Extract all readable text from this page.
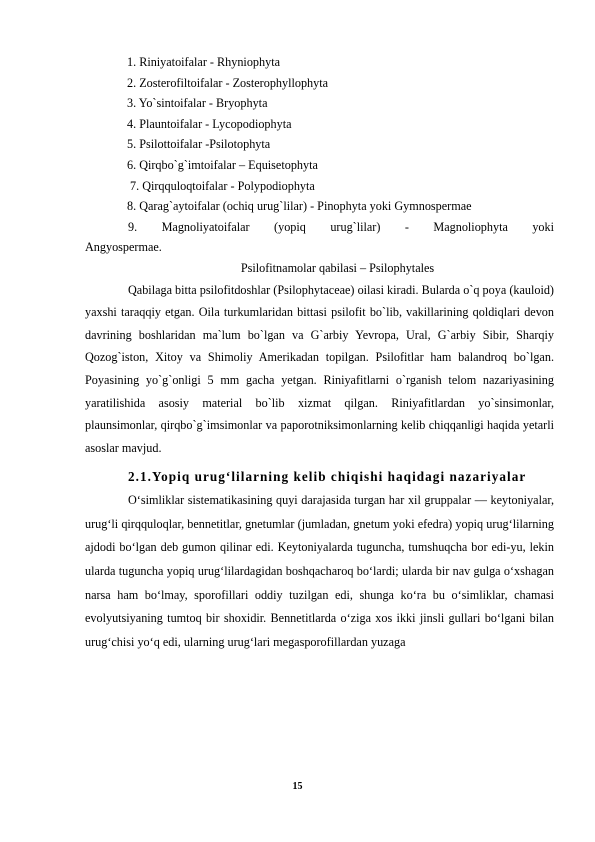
1. Riniyatoifalar - Rhyniophyta
2. Zosterofiltoifalar - Zosterophyllophyta
3. Yo`sintoifalar - Bryophyta
4. Plauntoifalar - Lycopodiophyta
5. Psilottoifalar -Psilotophyta
6. Qirqbo`g`imtoifalar – Equisetophyta
7. Qirqquloqtoifalar - Polypodiophyta
8. Qarag`aytoifalar (ochiq urug`lilar) - Pinophyta yoki Gymnospermae
9. Magnoliyatoifalar (yopiq urug`lilar) - Magnoliophyta yoki
Angyospermae.
Psilofitnamolar qabilasi – Psilophytales
Qabilaga bitta psilofitdoshlar (Psilophytaceae) oilasi kiradi. Bularda o`q poya (kauloid) yaxshi taraqqiy etgan. Oila turkumlaridan bittasi psilofit bo`lib, vakillarining qoldiqlari devon davrining boshlaridan ma`lum bo`lgan va G`arbiy Yevropa, Ural, G`arbiy Sibir, Sharqiy Qozog`iston, Xitoy va Shimoliy Amerikadan topilgan. Psilofitlar ham balandroq bo`lgan. Poyasining yo`g`onligi 5 mm gacha yetgan. Riniyafitlarni o`rganish telom nazariyasining yaratilishida asosiy material bo`lib xizmat qilgan. Riniyafitlardan yo`sinsimonlar, plaunsimonlar, qirqbo`g`imsimonlar va paporotniksimonlarning kelib chiqqanligi haqida yetarli asoslar mavjud.
2.1.Yopiq urug‘lilarning kelib chiqishi haqidagi nazariyalar
O‘simliklar sistematikasining quyi darajasida turgan har xil gruppalar — keytoniyalar, urug‘li qirqquloqlar, bennetitlar, gnetumlar (jumladan, gnetum yoki efedra) yopiq urug‘lilarning ajdodi bo‘lgan deb gumon qilinar edi. Keytoniyalarda tuguncha, tumshuqcha bor edi-yu, lekin ularda tuguncha yopiq urug‘lilardagidan boshqacharoq bo‘lardi; ularda bir nav gulga o‘xshagan narsa ham bo‘lmay, sporofillari oddiy tuzilgan edi, shunga ko‘ra bu o‘simliklar, chamasi evolyutsiyaning tumtoq bir shoxidir. Bennetitlarda o‘ziga xos ikki jinsli gullari bo‘lgani bilan urug‘chisi yo‘q edi, ularning urug‘lari megasporofillardan yuzaga
15
